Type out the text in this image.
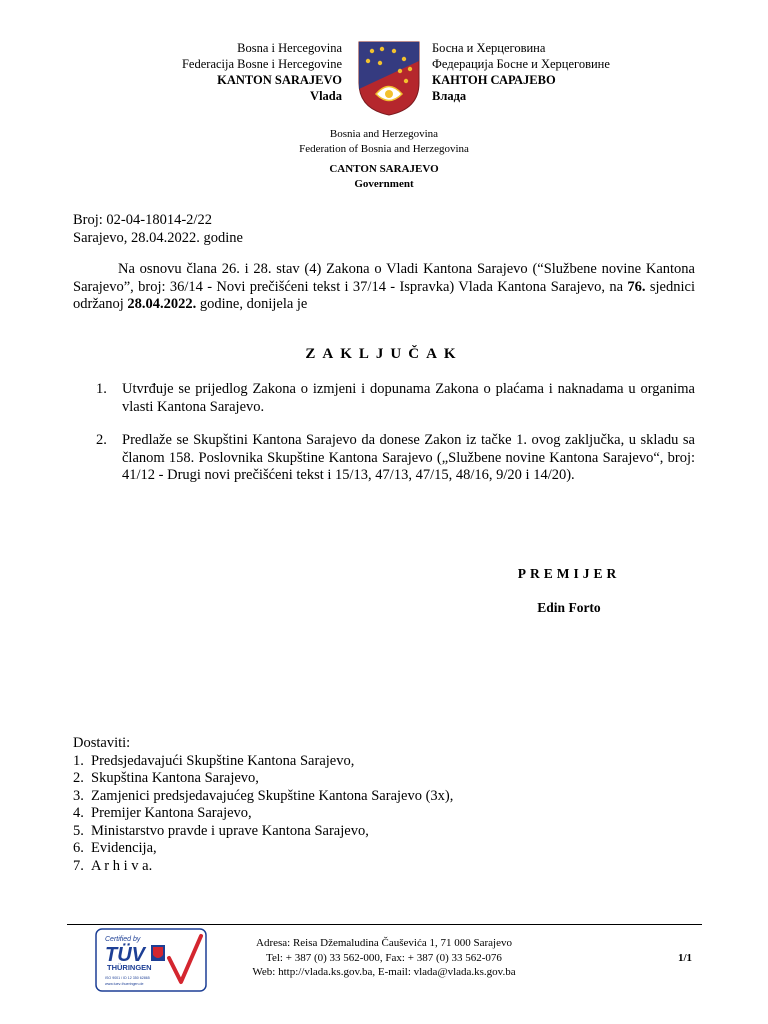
Bosna i Hercegovina
Federacija Bosne i Hercegovine
KANTON SARAJEVO
Vlada
Босна и Херцеговина
Федерација Босне и Херцеговине
КАНТОН САРАЈЕВО
Влада
Bosnia and Herzegovina
Federation of Bosnia and Herzegovina
CANTON SARAJEVO
Government
Broj: 02-04-18014-2/22
Sarajevo, 28.04.2022. godine

Na osnovu člana 26. i 28. stav (4) Zakona o Vladi Kantona Sarajevo (“Službene novine Kantona Sarajevo”, broj: 36/14 - Novi prečišćeni tekst i 37/14 - Ispravka) Vlada Kantona Sarajevo, na 76. sjednici održanoj 28.04.2022. godine, donijela je

ZAKLJUČAK
1. Utvrđuje se prijedlog Zakona o izmjeni i dopunama Zakona o plaćama i naknadama u organima vlasti Kantona Sarajevo.
2. Predlaže se Skupštini Kantona Sarajevo da donese Zakon iz tačke 1. ovog zaključka, u skladu sa članom 158. Poslovnika Skupštine Kantona Sarajevo („Službene novine Kantona Sarajevo“, broj: 41/12 - Drugi novi prečišćeni tekst i 15/13, 47/13, 47/15, 48/16, 9/20 i 14/20).
PREMIJER
Edin Forto
Dostaviti:
1. Predsjedavajući Skupštine Kantona Sarajevo,
2. Skupština Kantona Sarajevo,
3. Zamjenici predsjedavajućeg Skupštine Kantona Sarajevo (3x),
4. Premijer Kantona Sarajevo,
5. Ministarstvo pravde i uprave Kantona Sarajevo,
6. Evidencija,
7. A r h i v a.
Certified by
TÜV
THÜRINGEN
ISO 9001 / ID 12 350 62865
www.tuev-thueringen.de
Adresa: Reisa Džemaludina Čauševića 1, 71 000 Sarajevo
Tel: + 387 (0) 33 562-000, Fax: + 387 (0) 33 562-076
Web: http://vlada.ks.gov.ba, E-mail: vlada@vlada.ks.gov.ba
1/1
